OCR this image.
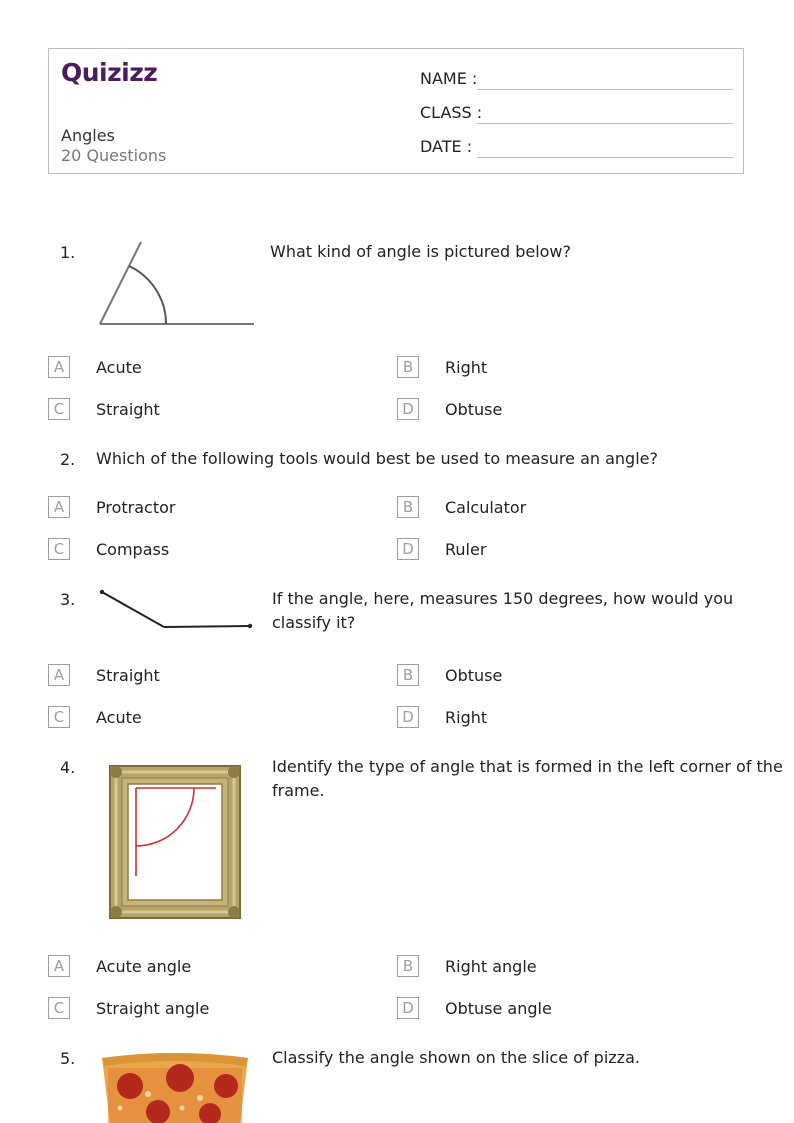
Quizizz
Angles
20 Questions
NAME :
CLASS :
DATE :
1.	What kind of angle is pictured below?
A	Acute	B	Right
C	Straight	D	Obtuse
2. Which of the following tools would best be used to measure an angle?
A	Protractor	B	Calculator
C	Compass	D	Ruler
3.	If the angle, here, measures 150 degrees, how would you
classify it?
A	Straight	B	Obtuse
C	Acute	D	Right
4.	Identify the type of angle that is formed in the left corner of the
frame.
A	Acute angle	B	Right angle
C	Straight angle	D	Obtuse angle
5.	Classify the angle shown on the slice of pizza.
